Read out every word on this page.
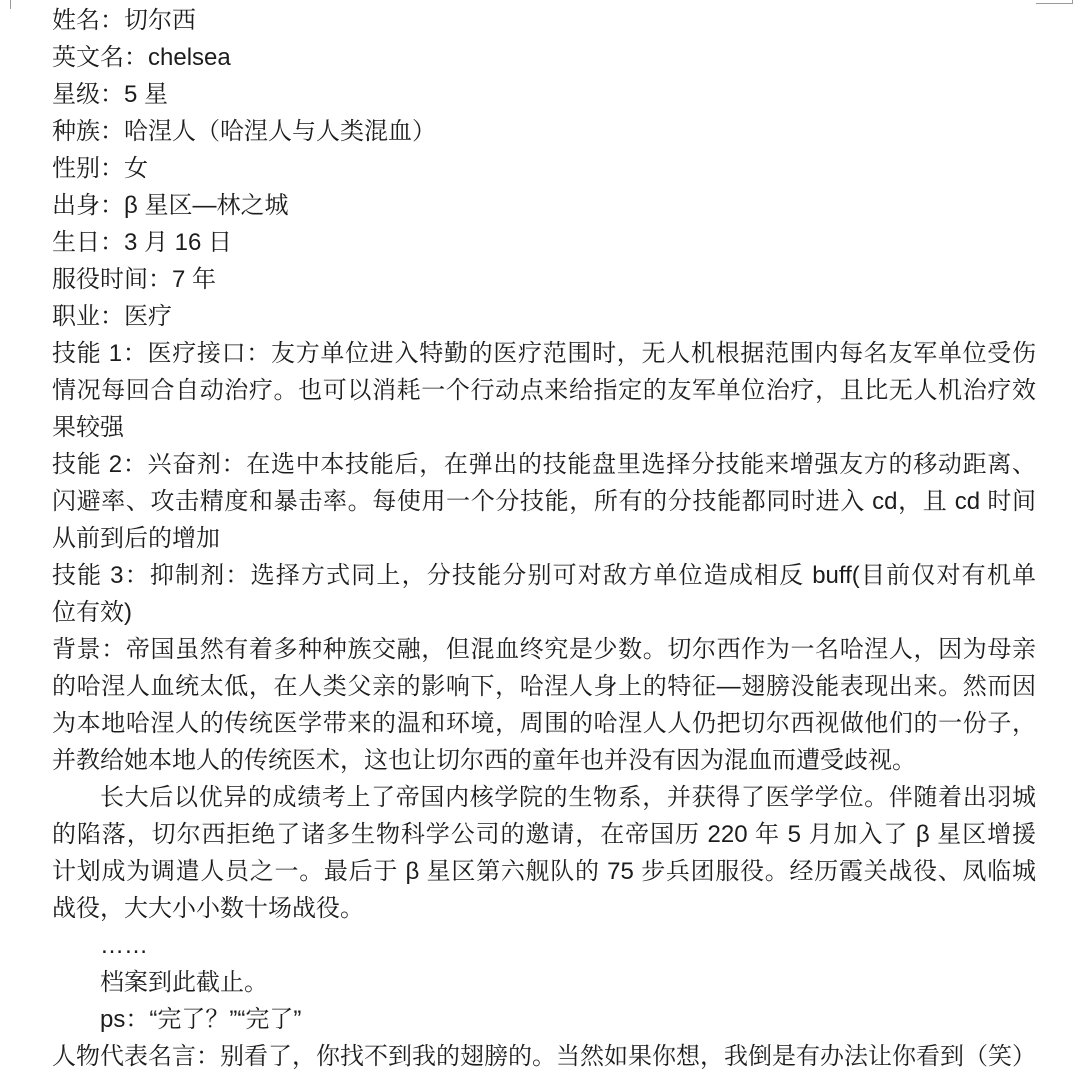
姓名：切尔西
英文名：chelsea
星级：5 星
种族：哈涅人（哈涅人与人类混血）
性别：女
出身：β 星区—林之城
生日：3 月 16 日
服役时间：7 年
职业：医疗
技能 1：医疗接口：友方单位进入特勤的医疗范围时，无人机根据范围内每名友军单位受伤
情况每回合自动治疗。也可以消耗一个行动点来给指定的友军单位治疗，且比无人机治疗效
果较强
技能 2：兴奋剂：在选中本技能后，在弹出的技能盘里选择分技能来增强友方的移动距离、
闪避率、攻击精度和暴击率。每使用一个分技能，所有的分技能都同时进入 cd，且 cd 时间
从前到后的增加
技能 3：抑制剂：选择方式同上，分技能分别可对敌方单位造成相反 buff(目前仅对有机单
位有效)
背景：帝国虽然有着多种种族交融，但混血终究是少数。切尔西作为一名哈涅人，因为母亲
的哈涅人血统太低，在人类父亲的影响下，哈涅人身上的特征—翅膀没能表现出来。然而因
为本地哈涅人的传统医学带来的温和环境，周围的哈涅人人仍把切尔西视做他们的一份子，
并教给她本地人的传统医术，这也让切尔西的童年也并没有因为混血而遭受歧视。
长大后以优异的成绩考上了帝国内核学院的生物系，并获得了医学学位。伴随着出羽城
的陷落，切尔西拒绝了诸多生物科学公司的邀请，在帝国历 220 年 5 月加入了 β 星区增援
计划成为调遣人员之一。最后于 β 星区第六舰队的 75 步兵团服役。经历霞关战役、凤临城
战役，大大小小数十场战役。
……
档案到此截止。
ps：“完了？”“完了”
人物代表名言：别看了，你找不到我的翅膀的。当然如果你想，我倒是有办法让你看到（笑）
